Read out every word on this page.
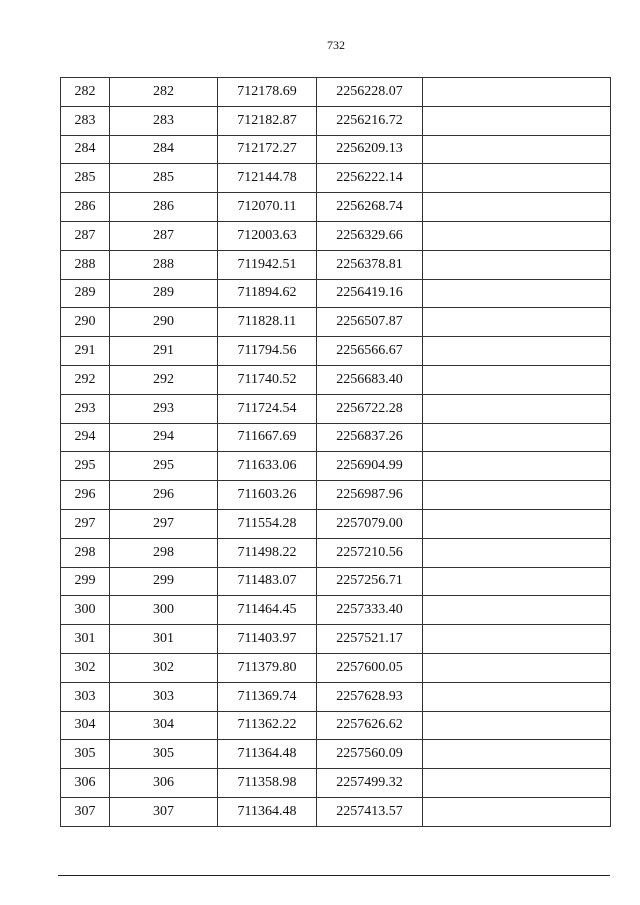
732
282	282	712178.69	2256228.07	
283	283	712182.87	2256216.72	
284	284	712172.27	2256209.13	
285	285	712144.78	2256222.14	
286	286	712070.11	2256268.74	
287	287	712003.63	2256329.66	
288	288	711942.51	2256378.81	
289	289	711894.62	2256419.16	
290	290	711828.11	2256507.87	
291	291	711794.56	2256566.67	
292	292	711740.52	2256683.40	
293	293	711724.54	2256722.28	
294	294	711667.69	2256837.26	
295	295	711633.06	2256904.99	
296	296	711603.26	2256987.96	
297	297	711554.28	2257079.00	
298	298	711498.22	2257210.56	
299	299	711483.07	2257256.71	
300	300	711464.45	2257333.40	
301	301	711403.97	2257521.17	
302	302	711379.80	2257600.05	
303	303	711369.74	2257628.93	
304	304	711362.22	2257626.62	
305	305	711364.48	2257560.09	
306	306	711358.98	2257499.32	
307	307	711364.48	2257413.57	
